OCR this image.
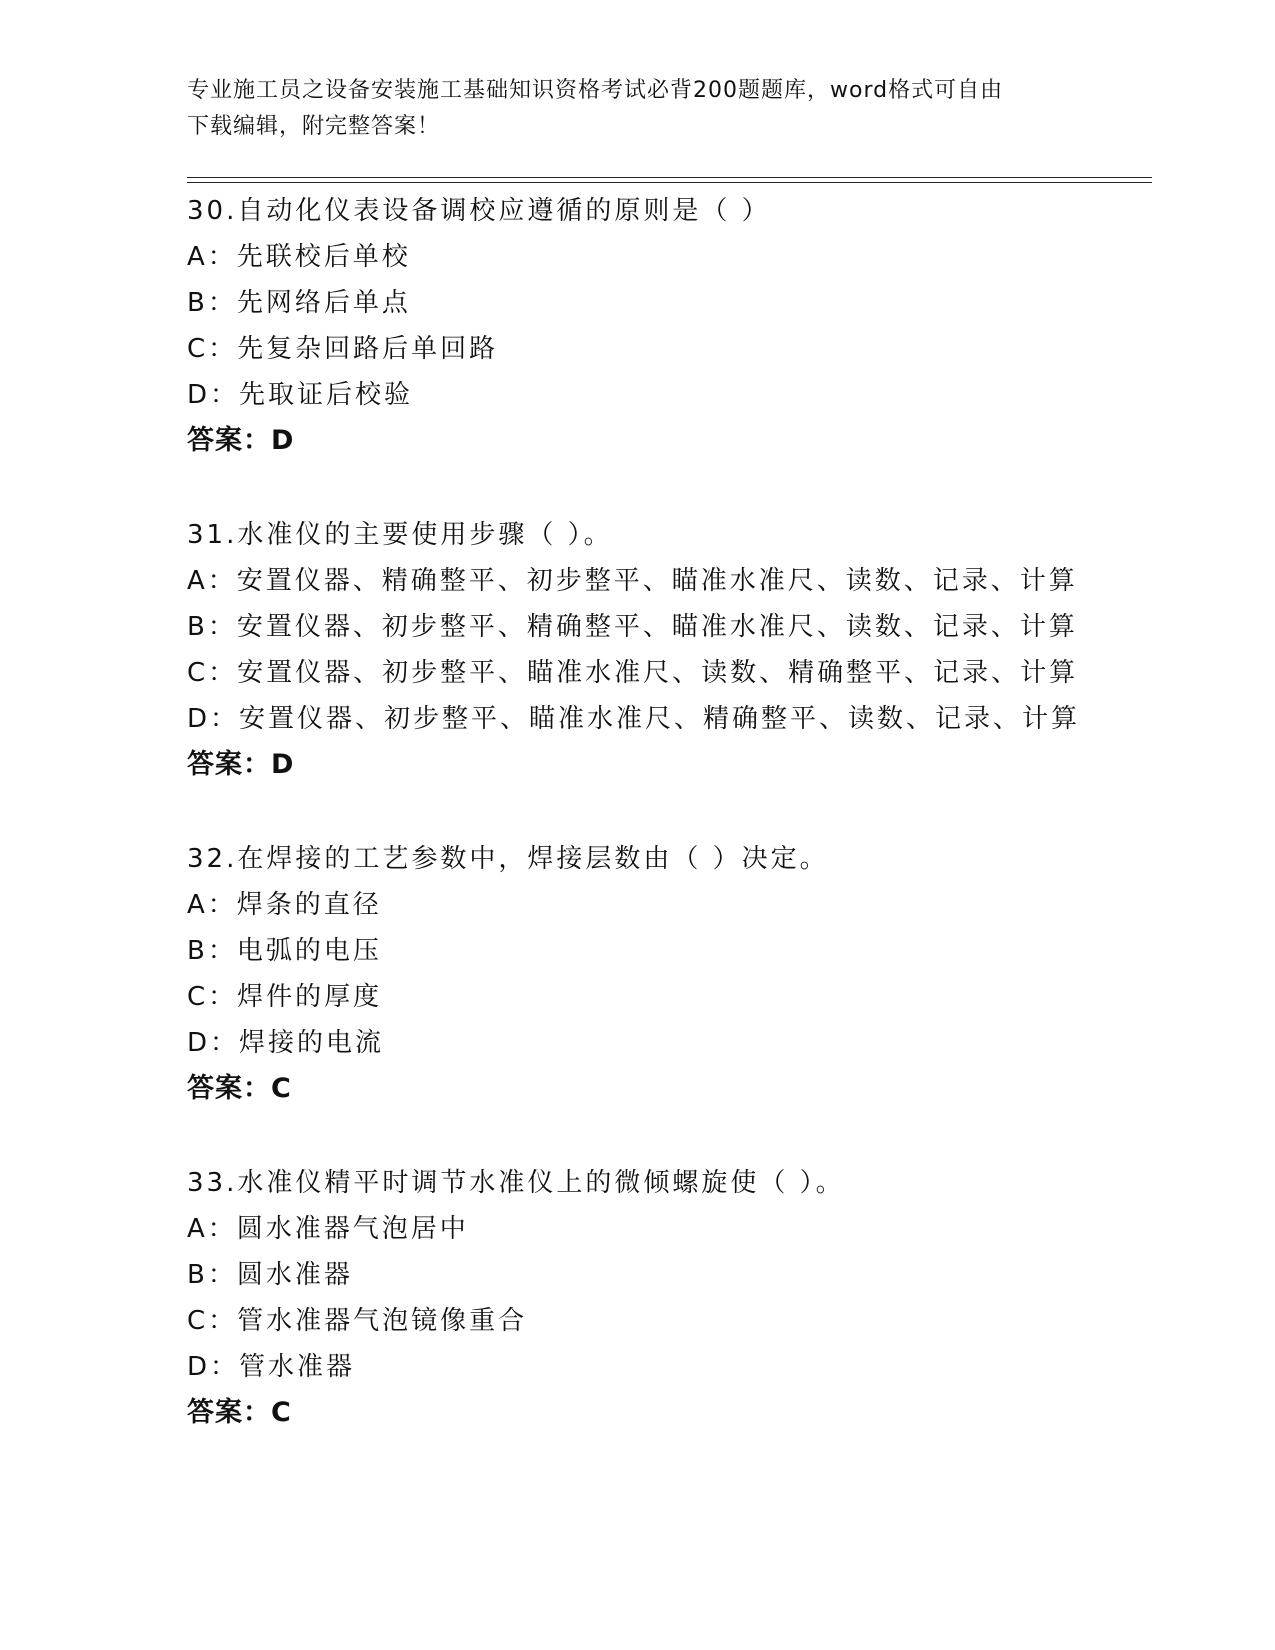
专业施工员之设备安装施工基础知识资格考试必背200题题库，word格式可自由
下载编辑，附完整答案！
30.自动化仪表设备调校应遵循的原则是（ ）
A：先联校后单校
B：先网络后单点
C：先复杂回路后单回路
D：先取证后校验
答案：D
31.水准仪的主要使用步骤（ ）。
A：安置仪器、精确整平、初步整平、瞄准水准尺、读数、记录、计算
B：安置仪器、初步整平、精确整平、瞄准水准尺、读数、记录、计算
C：安置仪器、初步整平、瞄准水准尺、读数、精确整平、记录、计算
D：安置仪器、初步整平、瞄准水准尺、精确整平、读数、记录、计算
答案：D
32.在焊接的工艺参数中，焊接层数由（ ）决定。
A：焊条的直径
B：电弧的电压
C：焊件的厚度
D：焊接的电流
答案：C
33.水准仪精平时调节水准仪上的微倾螺旋使（ ）。
A：圆水准器气泡居中
B：圆水准器
C：管水准器气泡镜像重合
D：管水准器
答案：C
